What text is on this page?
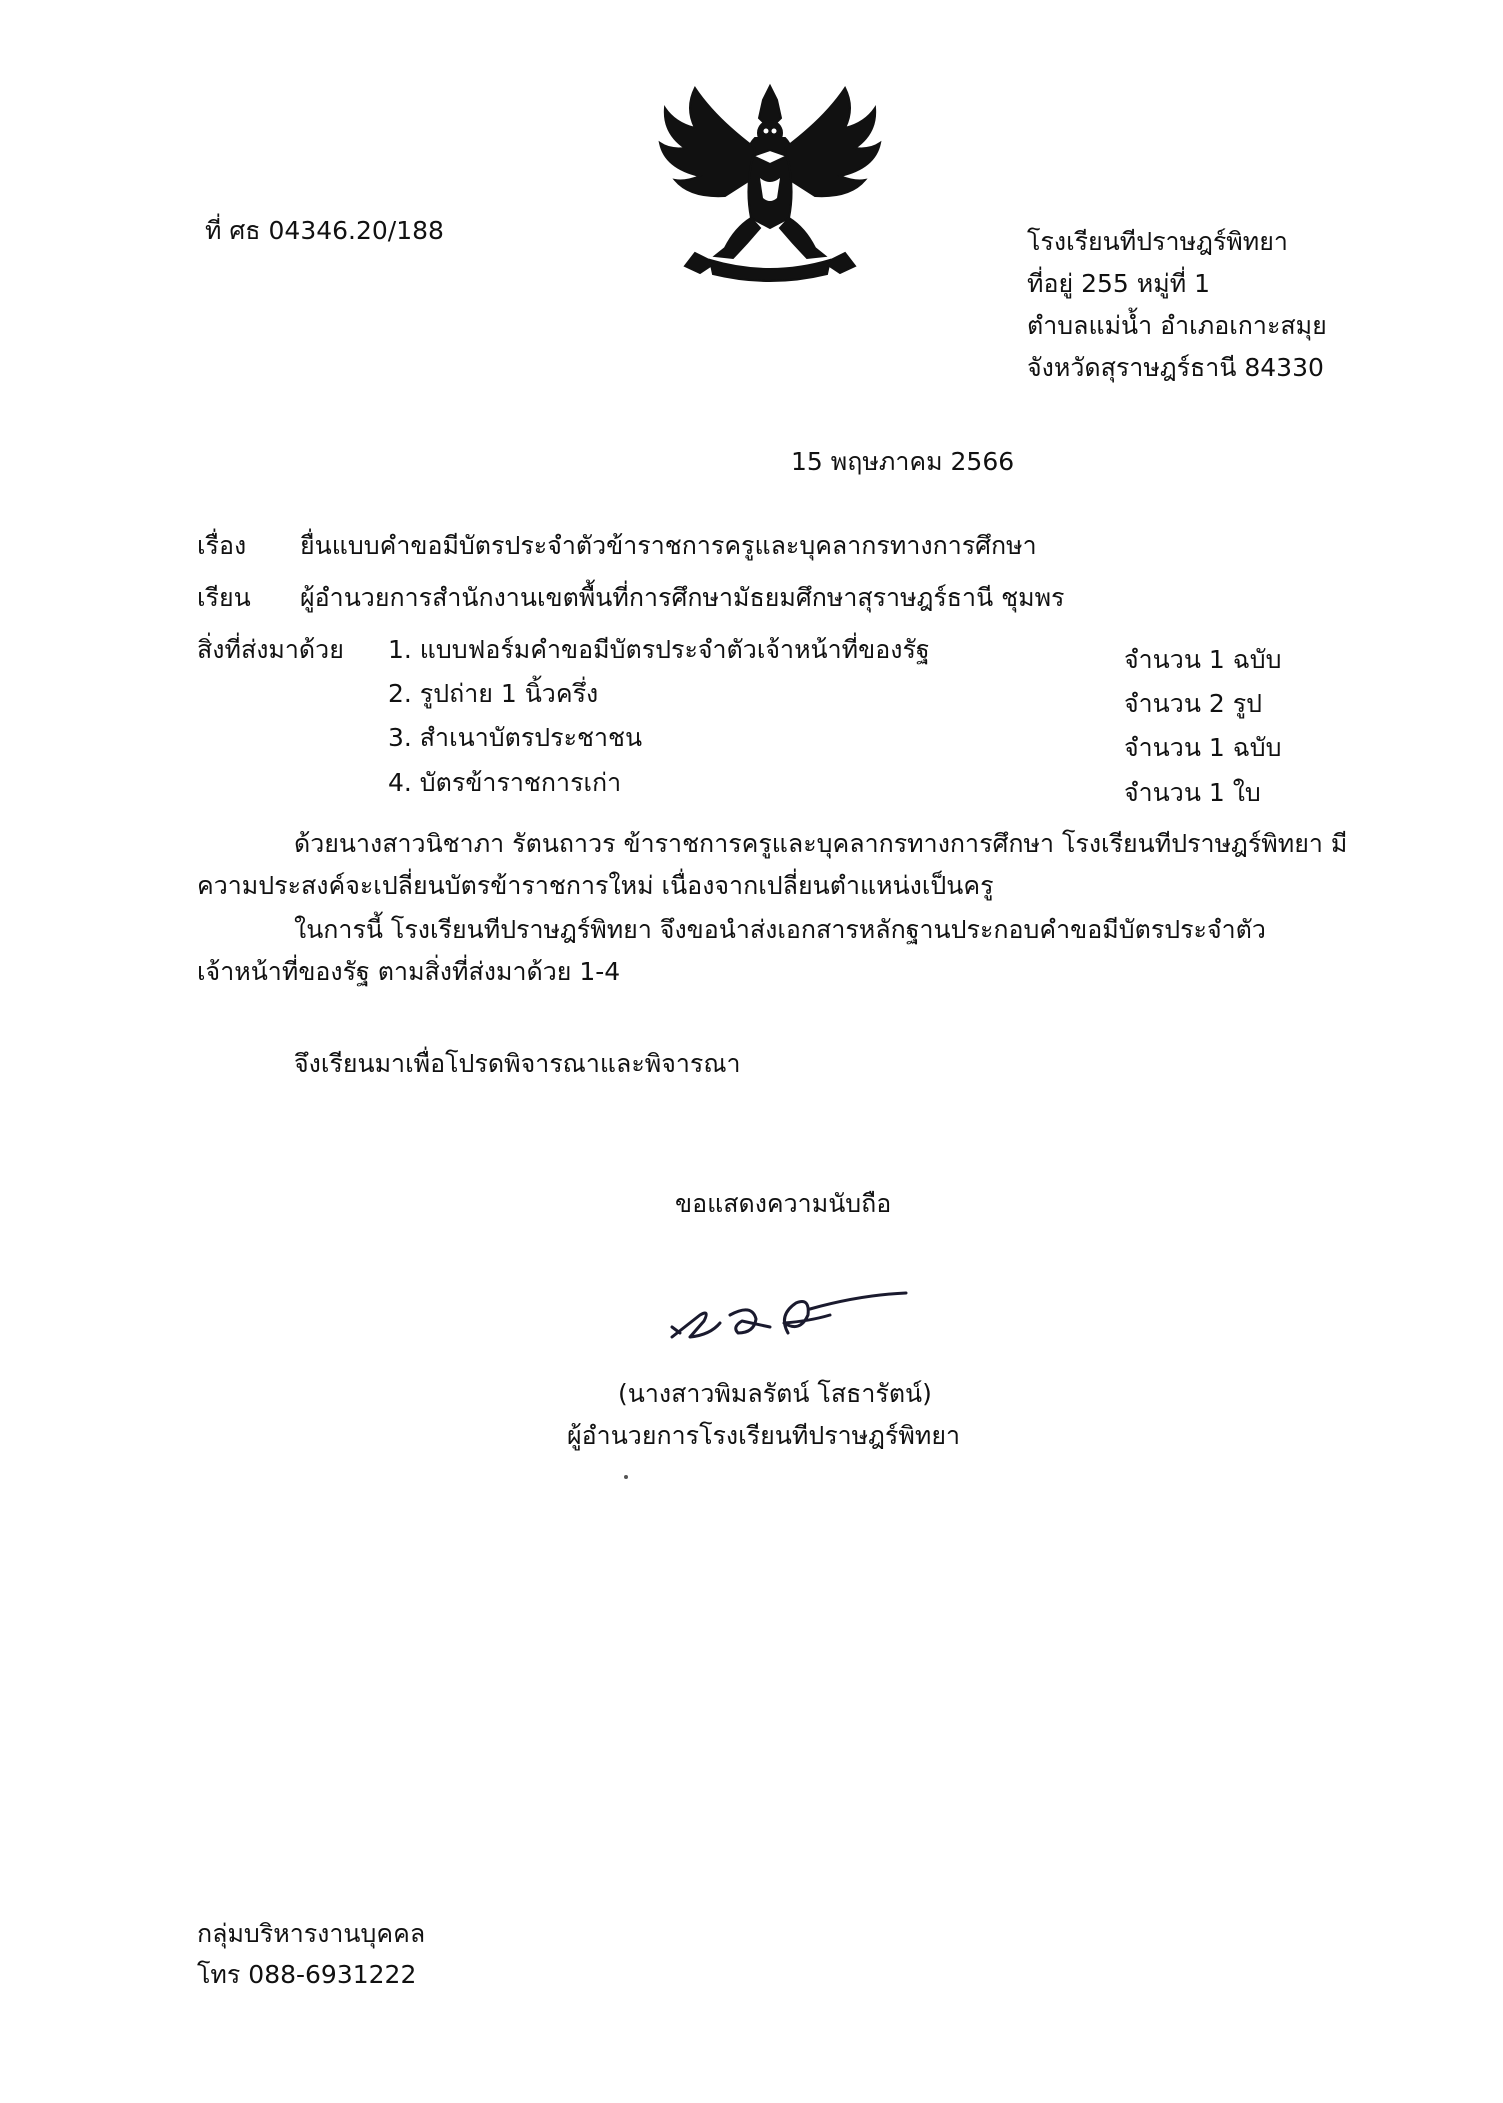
ที่ ศธ 04346.20/188	โรงเรียนทีปราษฎร์พิทยา
ที่อยู่ 255 หมู่ที่ 1
ตำบลแม่น้ำ อำเภอเกาะสมุย
จังหวัดสุราษฎร์ธานี 84330
15 พฤษภาคม 2566
เรื่อง ยื่นแบบคำขอมีบัตรประจำตัวข้าราชการครูและบุคลากรทางการศึกษา
เรียน ผู้อำนวยการสำนักงานเขตพื้นที่การศึกษามัธยมศึกษาสุราษฎร์ธานี ชุมพร
สิ่งที่ส่งมาด้วย 1. แบบฟอร์มคำขอมีบัตรประจำตัวเจ้าหน้าที่ของรัฐ	จำนวน 1 ฉบับ
2. รูปถ่าย 1 นิ้วครึ่ง	จำนวน 2 รูป
3. สำเนาบัตรประชาชน	จำนวน 1 ฉบับ
4. บัตรข้าราชการเก่า	จำนวน 1 ใบ
ด้วยนางสาวนิชาภา รัตนถาวร ข้าราชการครูและบุคลากรทางการศึกษา โรงเรียนทีปราษฎร์พิทยา มี
ความประสงค์จะเปลี่ยนบัตรข้าราชการใหม่ เนื่องจากเปลี่ยนตำแหน่งเป็นครู
ในการนี้ โรงเรียนทีปราษฎร์พิทยา จึงขอนำส่งเอกสารหลักฐานประกอบคำขอมีบัตรประจำตัว
เจ้าหน้าที่ของรัฐ ตามสิ่งที่ส่งมาด้วย 1-4
จึงเรียนมาเพื่อโปรดพิจารณาและพิจารณา
ขอแสดงความนับถือ
(นางสาวพิมลรัตน์ โสธารัตน์)
ผู้อำนวยการโรงเรียนทีปราษฎร์พิทยา
กลุ่มบริหารงานบุคคล
โทร 088-6931222
